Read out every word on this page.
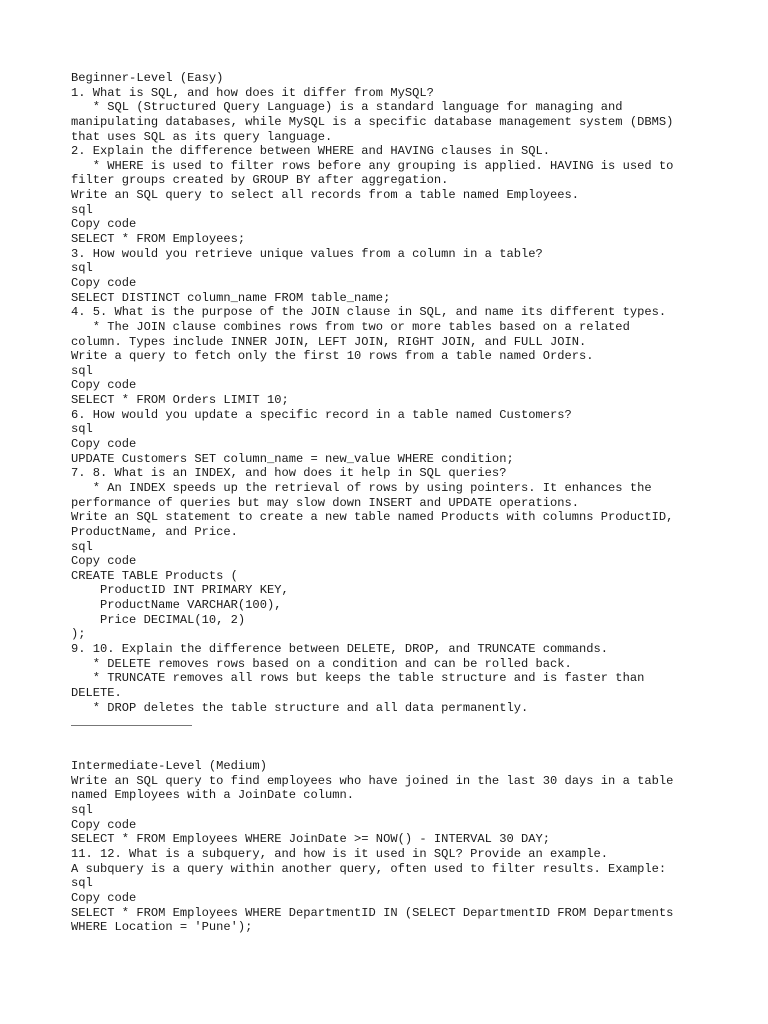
Beginner-Level (Easy)
1. What is SQL, and how does it differ from MySQL?
* SQL (Structured Query Language) is a standard language for managing and
manipulating databases, while MySQL is a specific database management system (DBMS)
that uses SQL as its query language.
2. Explain the difference between WHERE and HAVING clauses in SQL.
* WHERE is used to filter rows before any grouping is applied. HAVING is used to
filter groups created by GROUP BY after aggregation.
Write an SQL query to select all records from a table named Employees.
sql
Copy code
SELECT * FROM Employees;
3. How would you retrieve unique values from a column in a table?
sql
Copy code
SELECT DISTINCT column_name FROM table_name;
4. 5. What is the purpose of the JOIN clause in SQL, and name its different types.
* The JOIN clause combines rows from two or more tables based on a related
column. Types include INNER JOIN, LEFT JOIN, RIGHT JOIN, and FULL JOIN.
Write a query to fetch only the first 10 rows from a table named Orders.
sql
Copy code
SELECT * FROM Orders LIMIT 10;
6. How would you update a specific record in a table named Customers?
sql
Copy code
UPDATE Customers SET column_name = new_value WHERE condition;
7. 8. What is an INDEX, and how does it help in SQL queries?
* An INDEX speeds up the retrieval of rows by using pointers. It enhances the
performance of queries but may slow down INSERT and UPDATE operations.
Write an SQL statement to create a new table named Products with columns ProductID,
ProductName, and Price.
sql
Copy code
CREATE TABLE Products (
ProductID INT PRIMARY KEY,
ProductName VARCHAR(100),
Price DECIMAL(10, 2)
);
9. 10. Explain the difference between DELETE, DROP, and TRUNCATE commands.
* DELETE removes rows based on a condition and can be rolled back.
* TRUNCATE removes all rows but keeps the table structure and is faster than
DELETE.
* DROP deletes the table structure and all data permanently.
Intermediate-Level (Medium)
Write an SQL query to find employees who have joined in the last 30 days in a table
named Employees with a JoinDate column.
sql
Copy code
SELECT * FROM Employees WHERE JoinDate >= NOW() - INTERVAL 30 DAY;
11. 12. What is a subquery, and how is it used in SQL? Provide an example.
A subquery is a query within another query, often used to filter results. Example:
sql
Copy code
SELECT * FROM Employees WHERE DepartmentID IN (SELECT DepartmentID FROM Departments
WHERE Location = 'Pune');
